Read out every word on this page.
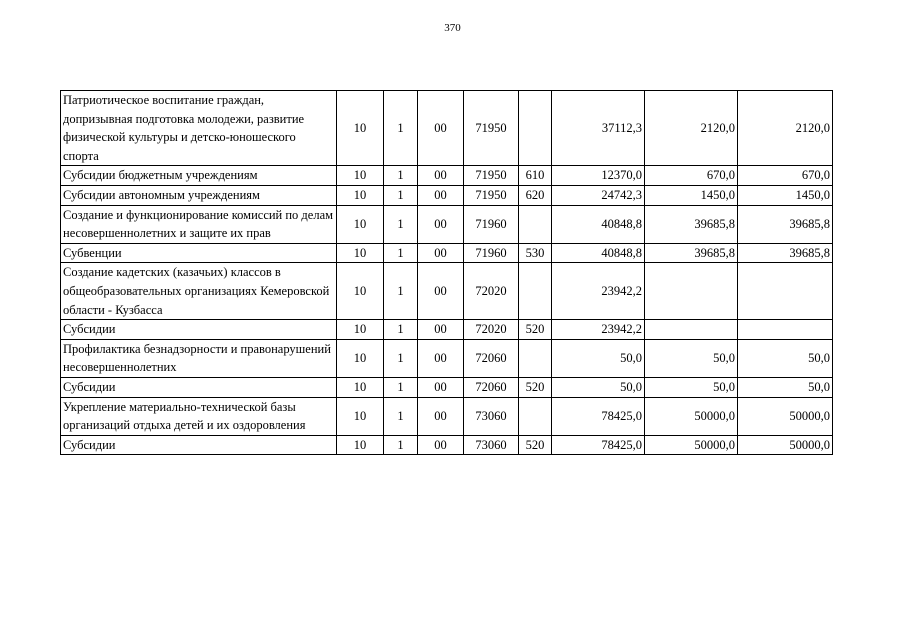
370
Патриотическое воспитание граждан, допризывная подготовка молодежи, развитие физической культуры и детско-юношеского спорта	10	1	00	71950		37112,3	2120,0	2120,0
Субсидии бюджетным учреждениям	10	1	00	71950	610	12370,0	670,0	670,0
Субсидии автономным учреждениям	10	1	00	71950	620	24742,3	1450,0	1450,0
Создание и функционирование комиссий по делам несовершеннолетних и защите их прав	10	1	00	71960		40848,8	39685,8	39685,8
Субвенции	10	1	00	71960	530	40848,8	39685,8	39685,8
Создание кадетских (казачьих) классов в общеобразовательных организациях Кемеровской области - Кузбасса	10	1	00	72020		23942,2		
Субсидии	10	1	00	72020	520	23942,2		
Профилактика безнадзорности и правонарушений несовершеннолетних	10	1	00	72060		50,0	50,0	50,0
Субсидии	10	1	00	72060	520	50,0	50,0	50,0
Укрепление материально-технической базы организаций отдыха детей и их оздоровления	10	1	00	73060		78425,0	50000,0	50000,0
Субсидии	10	1	00	73060	520	78425,0	50000,0	50000,0
